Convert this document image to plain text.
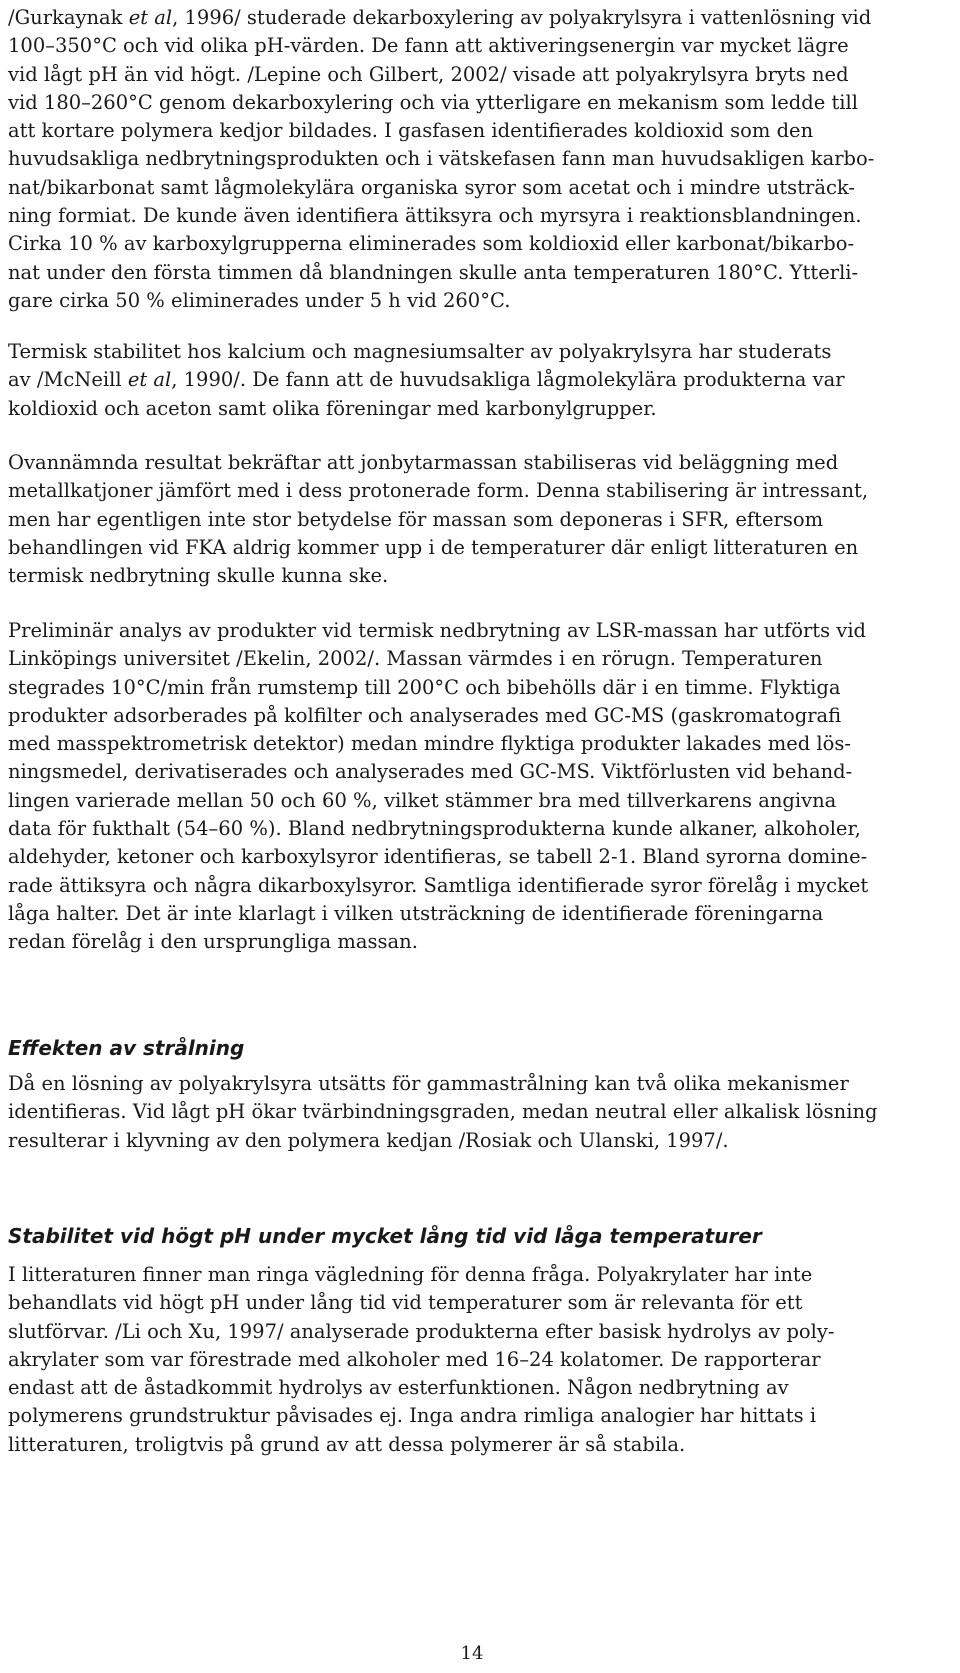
/Gurkaynak et al, 1996/ studerade dekarboxylering av polyakrylsyra i vattenlösning vid
100–350°C och vid olika pH-värden. De fann att aktiveringsenergin var mycket lägre
vid lågt pH än vid högt. /Lepine och Gilbert, 2002/ visade att polyakrylsyra bryts ned
vid 180–260°C genom dekarboxylering och via ytterligare en mekanism som ledde till
att kortare polymera kedjor bildades. I gasfasen identifierades koldioxid som den
huvudsakliga nedbrytningsprodukten och i vätskefasen fann man huvudsakligen karbo-
nat/bikarbonat samt lågmolekylära organiska syror som acetat och i mindre utsträck-
ning formiat. De kunde även identifiera ättiksyra och myrsyra i reaktionsblandningen.
Cirka 10 % av karboxylgrupperna eliminerades som koldioxid eller karbonat/bikarbo-
nat under den första timmen då blandningen skulle anta temperaturen 180°C. Ytterli-
gare cirka 50 % eliminerades under 5 h vid 260°C.

Termisk stabilitet hos kalcium och magnesiumsalter av polyakrylsyra har studerats
av /McNeill et al, 1990/. De fann att de huvudsakliga lågmolekylära produkterna var
koldioxid och aceton samt olika föreningar med karbonylgrupper.

Ovannämnda resultat bekräftar att jonbytarmassan stabiliseras vid beläggning med
metallkatjoner jämfört med i dess protonerade form. Denna stabilisering är intressant,
men har egentligen inte stor betydelse för massan som deponeras i SFR, eftersom
behandlingen vid FKA aldrig kommer upp i de temperaturer där enligt litteraturen en
termisk nedbrytning skulle kunna ske.

Preliminär analys av produkter vid termisk nedbrytning av LSR-massan har utförts vid
Linköpings universitet /Ekelin, 2002/. Massan värmdes i en rörugn. Temperaturen
stegrades 10°C/min från rumstemp till 200°C och bibehölls där i en timme. Flyktiga
produkter adsorberades på kolfilter och analyserades med GC-MS (gaskromatografi
med masspektrometrisk detektor) medan mindre flyktiga produkter lakades med lös-
ningsmedel, derivatiserades och analyserades med GC-MS. Viktförlusten vid behand-
lingen varierade mellan 50 och 60 %, vilket stämmer bra med tillverkarens angivna
data för fukthalt (54–60 %). Bland nedbrytningsprodukterna kunde alkaner, alkoholer,
aldehyder, ketoner och karboxylsyror identifieras, se tabell 2-1. Bland syrorna domine-
rade ättiksyra och några dikarboxylsyror. Samtliga identifierade syror förelåg i mycket
låga halter. Det är inte klarlagt i vilken utsträckning de identifierade föreningarna
redan förelåg i den ursprungliga massan.

Effekten av strålning

Då en lösning av polyakrylsyra utsätts för gammastrålning kan två olika mekanismer
identifieras. Vid lågt pH ökar tvärbindningsgraden, medan neutral eller alkalisk lösning
resulterar i klyvning av den polymera kedjan /Rosiak och Ulanski, 1997/.

Stabilitet vid högt pH under mycket lång tid vid låga temperaturer

I litteraturen finner man ringa vägledning för denna fråga. Polyakrylater har inte
behandlats vid högt pH under lång tid vid temperaturer som är relevanta för ett
slutförvar. /Li och Xu, 1997/ analyserade produkterna efter basisk hydrolys av poly-
akrylater som var förestrade med alkoholer med 16–24 kolatomer. De rapporterar
endast att de åstadkommit hydrolys av esterfunktionen. Någon nedbrytning av
polymerens grundstruktur påvisades ej. Inga andra rimliga analogier har hittats i
litteraturen, troligtvis på grund av att dessa polymerer är så stabila.

14
